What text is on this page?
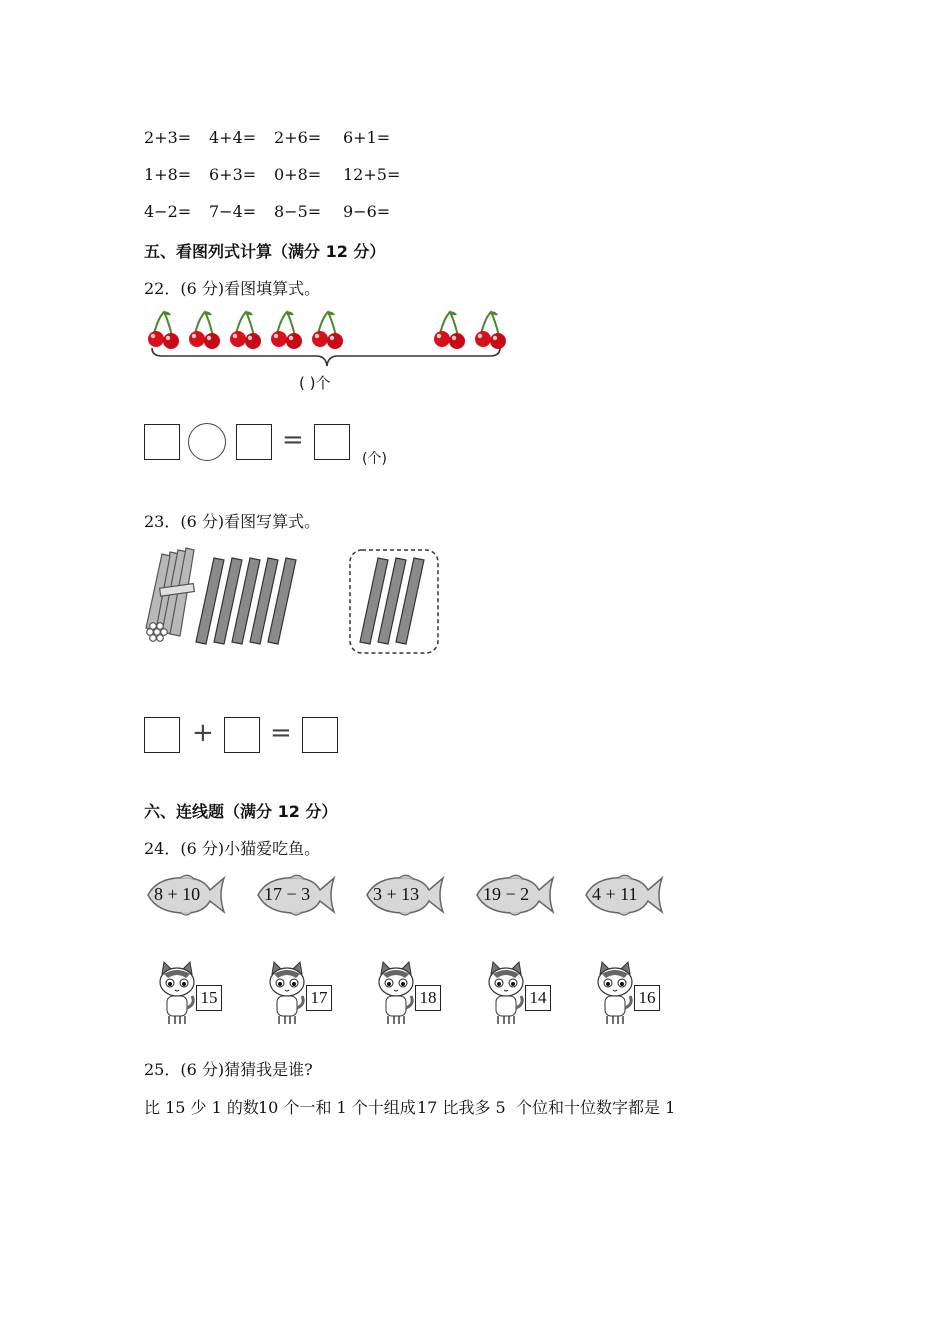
2+3= 4+4= 2+6= 6+1=
1+8= 6+3= 0+8= 12+5=
4−2= 7−4= 8−5= 9−6=
五、看图列式计算（满分 12 分）
22．(6 分)看图填算式。
( )个
=
(个)
23．(6 分)看图写算式。
+ =
六、连线题（满分 12 分）
24．(6 分)小猫爱吃鱼。
8 + 10	17 − 3	3 + 13	19 − 2	4 + 11
15	17	18	14	16
25．(6 分)猜猜我是谁?
比 15 少 1 的数 10 个一和 1 个十组成 17 比我多 5 个位和十位数字都是 1
